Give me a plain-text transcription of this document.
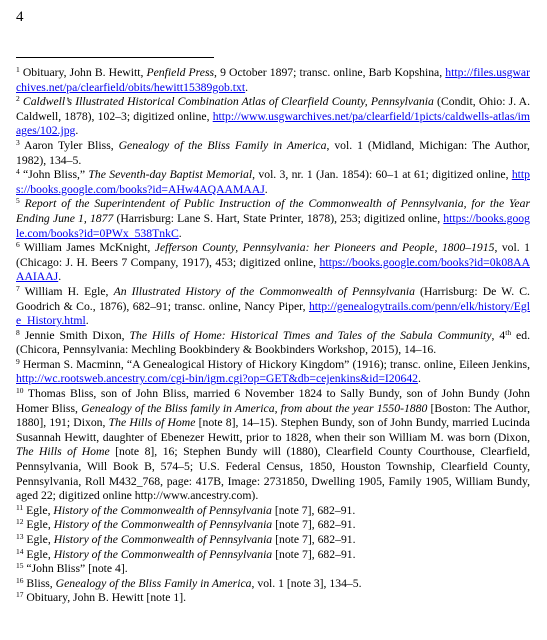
4

$^1$ Obituary, John B. Hewitt, Penfield Press, 9 October 1897; transc. online, Barb Kopshina, http://files.usgwarchives.net/pa/clearfield/obits/hewitt15389gob.txt.

$^2$ Caldwell’s Illustrated Historical Combination Atlas of Clearfield County, Pennsylvania (Condit, Ohio: J. A. Caldwell, 1878), 102–3; digitized online, http://www.usgwarchives.net/pa/clearfield/1picts/caldwells-atlas/images/102.jpg.

$^3$ Aaron Tyler Bliss, Genealogy of the Bliss Family in America, vol. 1 (Midland, Michigan: The Author, 1982), 134–5.

$^4$ “John Bliss,” The Seventh-day Baptist Memorial, vol. 3, nr. 1 (Jan. 1854): 60–1 at 61; digitized online, https://books.google.com/books?id=AHw4AQAAMAAJ.

$^5$ Report of the Superintendent of Public Instruction of the Commonwealth of Pennsylvania, for the Year Ending June 1, 1877 (Harrisburg: Lane S. Hart, State Printer, 1878), 253; digitized online, https://books.google.com/books?id=0PWx_538TnkC.

$^6$ William James McKnight, Jefferson County, Pennsylvania: her Pioneers and People, 1800–1915, vol. 1 (Chicago: J. H. Beers 7 Company, 1917), 453; digitized online, https://books.google.com/books?id=0k08AAAAIAAJ.

$^7$ William H. Egle, An Illustrated History of the Commonwealth of Pennsylvania (Harrisburg: De W. C. Goodrich & Co., 1876), 682–91; transc. online, Nancy Piper, http://genealogytrails.com/penn/elk/history/Egle_History.html.

$^8$ Jennie Smith Dixon, The Hills of Home: Historical Times and Tales of the Sabula Community, 4th ed. (Chicora, Pennsylvania: Mechling Bookbindery & Bookbinders Workshop, 2015), 14–16.

$^9$ Herman S. Macminn, “A Genealogical History of Hickory Kingdom” (1916); transc. online, Eileen Jenkins, http://wc.rootsweb.ancestry.com/cgi-bin/igm.cgi?op=GET&db=cejenkins&id=I20642.

$^{10}$ Thomas Bliss, son of John Bliss, married 6 November 1824 to Sally Bundy, son of John Bundy (John Homer Bliss, Genealogy of the Bliss family in America, from about the year 1550-1880 [Boston: The Author, 1880], 191; Dixon, The Hills of Home [note 8], 14–15). Stephen Bundy, son of John Bundy, married Lucinda Susannah Hewitt, daughter of Ebenezer Hewitt, prior to 1828, when their son William M. was born (Dixon, The Hills of Home [note 8], 16; Stephen Bundy will (1880), Clearfield County Courthouse, Clearfield, Pennsylvania, Will Book B, 574–5; U.S. Federal Census, 1850, Houston Township, Clearfield County, Pennsylvania, Roll M432_768, page: 417B, Image: 2731850, Dwelling 1905, Family 1905, William Bundy, aged 22; digitized online http://www.ancestry.com).

$^{11}$ Egle, History of the Commonwealth of Pennsylvania [note 7], 682–91.

$^{12}$ Egle, History of the Commonwealth of Pennsylvania [note 7], 682–91.

$^{13}$ Egle, History of the Commonwealth of Pennsylvania [note 7], 682–91.

$^{14}$ Egle, History of the Commonwealth of Pennsylvania [note 7], 682–91.

$^{15}$ “John Bliss” [note 4].

$^{16}$ Bliss, Genealogy of the Bliss Family in America, vol. 1 [note 3], 134–5.

$^{17}$ Obituary, John B. Hewitt [note 1].
